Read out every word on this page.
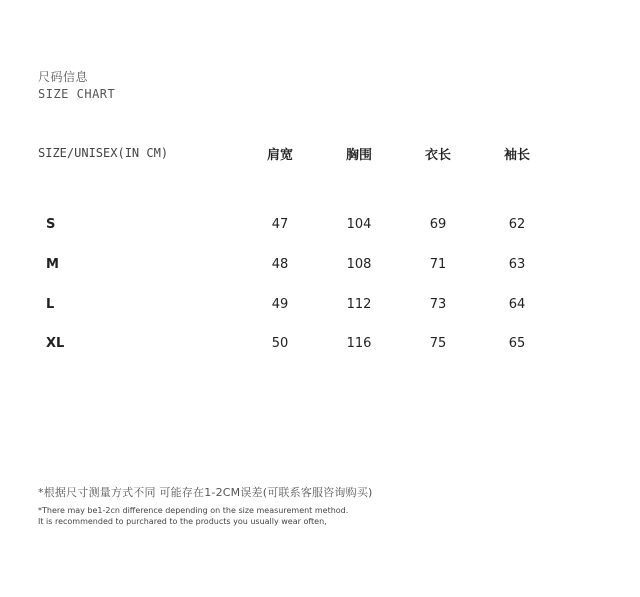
尺码信息
SIZE CHART
SIZE/UNISEX(IN CM)	肩宽	胸围	衣长	袖长
S	47	104	69	62
M	48	108	71	63
L	49	112	73	64
XL	50	116	75	65
*根据尺寸测量方式不同 可能存在1-2CM误差(可联系客服咨询购买)
*There may be1-2cn difference depending on the size measurement method.
It is recommended to purchared to the products you usually wear often,
